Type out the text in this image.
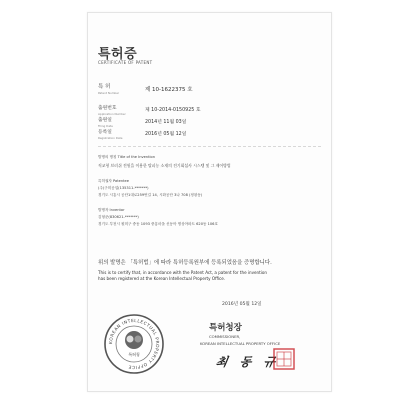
특허증
CERTIFICATE OF PATENT
특 허
Patent Number	제 10-1622375 호
출원번호
Application Number
제 10-2014-0150925 호
출원일
Filing Date
2014년 11월 03일
등록일
Registration Date
2016년 05월 12일
발명의 명칭 Title of the Invention
직교형 브러쉬 전원을 이용한 탈피농 소재의 전기회섬사 시스템 및 그 제어방법
특허권자 Patentee
(주)구미공업(135311-*******)
경기도 시흥시 공단1대로259번길 14, 시화공단 3나 708 (정왕동)
발명자 Inventor
김형준(830621-*******)
경기도 부천시 원미구 중동 1093 중흥마을 신동아 명상아파트 620동 106호
위의 발명은 「특허법」에 따라 특허등록원부에 등록되었음을 증명합니다.
This is to certify that, in accordance with the Patent Act, a patent for the invention
has been registered at the Korean Intellectual Property Office.
2016년 05월 12일
KOREAN INTELLECTUAL PROPERTY OFFICE
특허청
특허청장
COMMISSIONER,
KOREAN INTELLECTUAL PROPERTY OFFICE
최 동 규
